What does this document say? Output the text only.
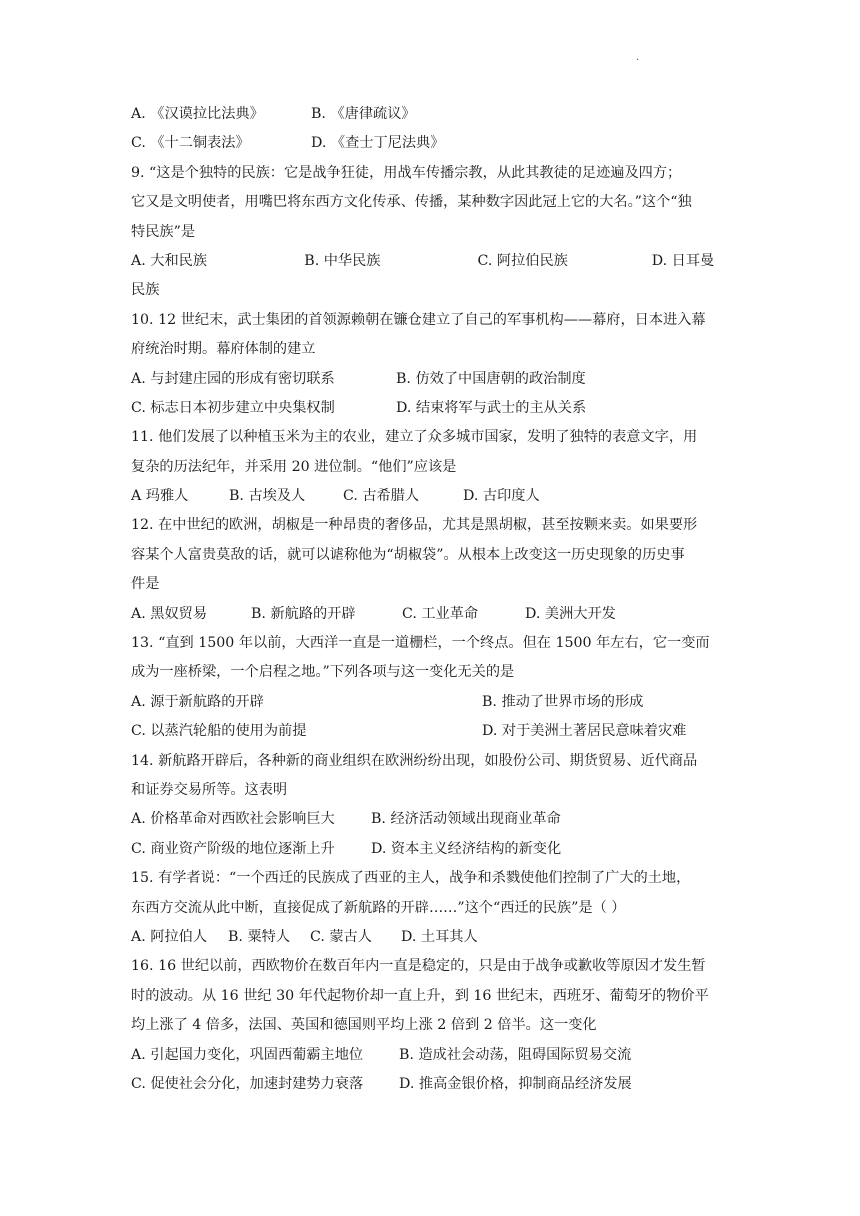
.
A. 《汉谟拉比法典》	B. 《唐律疏议》
C. 《十二铜表法》	D. 《查士丁尼法典》
9. “这是个独特的民族：它是战争狂徒，用战车传播宗教，从此其教徒的足迹遍及四方；
它又是文明使者，用嘴巴将东西方文化传承、传播，某种数字因此冠上它的大名。”这个“独
特民族”是
A. 大和民族	B. 中华民族	C. 阿拉伯民族	D. 日耳曼
民族
10. 12 世纪末，武士集团的首领源赖朝在镰仓建立了自己的军事机构——幕府，日本进入幕
府统治时期。幕府体制的建立
A. 与封建庄园的形成有密切联系	B. 仿效了中国唐朝的政治制度
C. 标志日本初步建立中央集权制	D. 结束将军与武士的主从关系
11. 他们发展了以种植玉米为主的农业，建立了众多城市国家，发明了独特的表意文字，用
复杂的历法纪年，并采用 20 进位制。“他们”应该是
A 玛雅人	B. 古埃及人	C. 古希腊人	D. 古印度人
12. 在中世纪的欧洲，胡椒是一种昂贵的奢侈品，尤其是黑胡椒，甚至按颗来卖。如果要形
容某个人富贵莫敌的话，就可以谑称他为“胡椒袋”。从根本上改变这一历史现象的历史事
件是
A. 黑奴贸易	B. 新航路的开辟	C. 工业革命	D. 美洲大开发
13. “直到 1500 年以前，大西洋一直是一道栅栏，一个终点。但在 1500 年左右，它一变而
成为一座桥梁，一个启程之地。”下列各项与这一变化无关的是
A. 源于新航路的开辟	B. 推动了世界市场的形成
C. 以蒸汽轮船的使用为前提	D. 对于美洲土著居民意味着灾难
14. 新航路开辟后，各种新的商业组织在欧洲纷纷出现，如股份公司、期货贸易、近代商品
和证券交易所等。这表明
A. 价格革命对西欧社会影响巨大	B. 经济活动领域出现商业革命
C. 商业资产阶级的地位逐渐上升	D. 资本主义经济结构的新变化
15. 有学者说：“一个西迁的民族成了西亚的主人，战争和杀戮使他们控制了广大的土地，
东西方交流从此中断，直接促成了新航路的开辟……”这个“西迁的民族”是（ ）
A. 阿拉伯人	B. 粟特人	C. 蒙古人	D. 土耳其人
16. 16 世纪以前，西欧物价在数百年内一直是稳定的，只是由于战争或歉收等原因才发生暂
时的波动。从 16 世纪 30 年代起物价却一直上升，到 16 世纪末，西班牙、葡萄牙的物价平
均上涨了 4 倍多，法国、英国和德国则平均上涨 2 倍到 2 倍半。这一变化
A. 引起国力变化，巩固西葡霸主地位	B. 造成社会动荡，阻碍国际贸易交流
C. 促使社会分化，加速封建势力衰落	D. 推高金银价格，抑制商品经济发展
